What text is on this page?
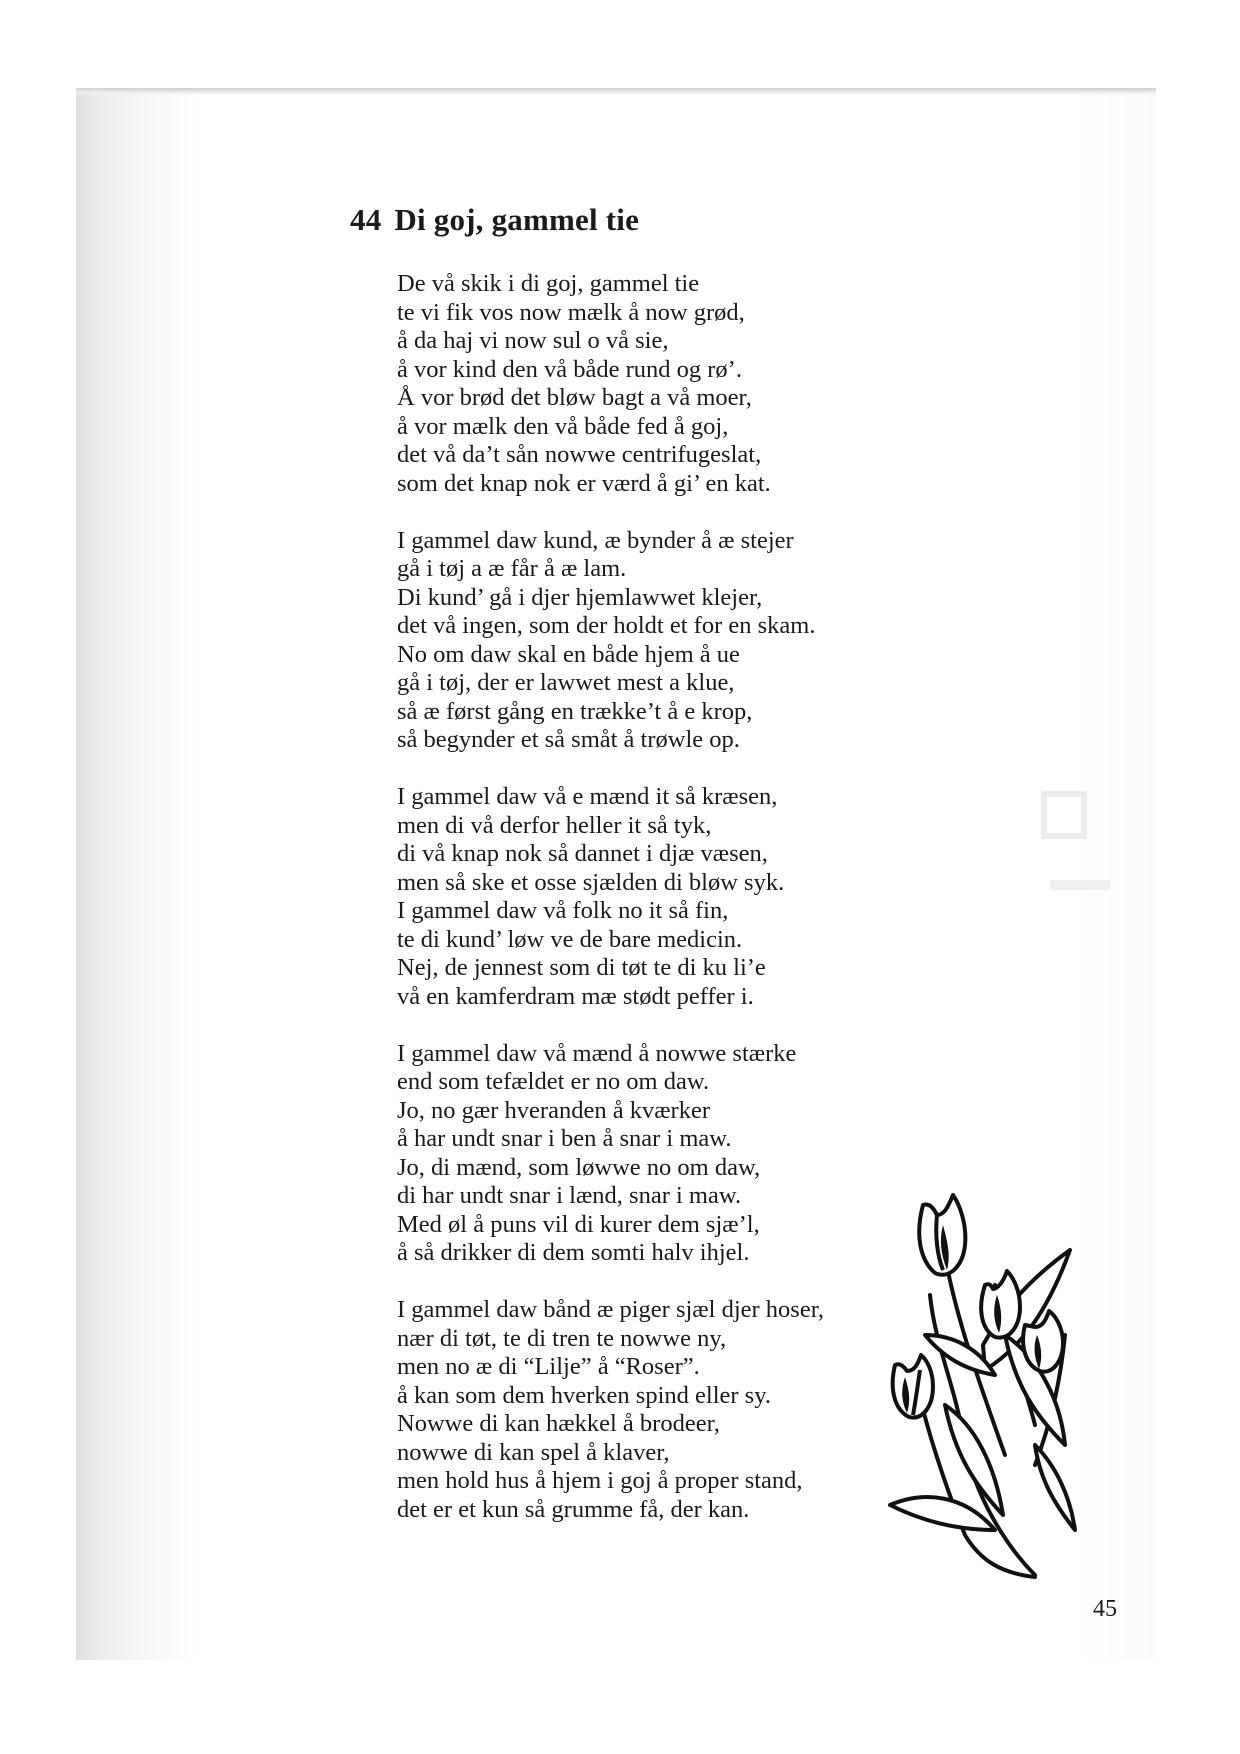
44 Di goj, gammel tie
De vå skik i di goj, gammel tie
te vi fik vos now mælk å now grød,
å da haj vi now sul o vå sie,
å vor kind den vå både rund og rø’.
Å vor brød det bløw bagt a vå moer,
å vor mælk den vå både fed å goj,
det vå da’t sån nowwe centrifugeslat,
som det knap nok er værd å gi’ en kat.
I gammel daw kund, æ bynder å æ stejer
gå i tøj a æ får å æ lam.
Di kund’ gå i djer hjemlawwet klejer,
det vå ingen, som der holdt et for en skam.
No om daw skal en både hjem å ue
gå i tøj, der er lawwet mest a klue,
så æ først gång en trække’t å e krop,
så begynder et så småt å trøwle op.
I gammel daw vå e mænd it så kræsen,
men di vå derfor heller it så tyk,
di vå knap nok så dannet i djæ væsen,
men så ske et osse sjælden di bløw syk.
I gammel daw vå folk no it så fin,
te di kund’ løw ve de bare medicin.
Nej, de jennest som di tøt te di ku li’e
vå en kamferdram mæ stødt peffer i.
I gammel daw vå mænd å nowwe stærke
end som tefældet er no om daw.
Jo, no gær hveranden å kværker
å har undt snar i ben å snar i maw.
Jo, di mænd, som løwwe no om daw,
di har undt snar i lænd, snar i maw.
Med øl å puns vil di kurer dem sjæ’l,
å så drikker di dem somti halv ihjel.
I gammel daw bånd æ piger sjæl djer hoser,
nær di tøt, te di tren te nowwe ny,
men no æ di “Lilje” å “Roser”.
å kan som dem hverken spind eller sy.
Nowwe di kan hækkel å brodeer,
nowwe di kan spel å klaver,
men hold hus å hjem i goj å proper stand,
det er et kun så grumme få, der kan.
45
